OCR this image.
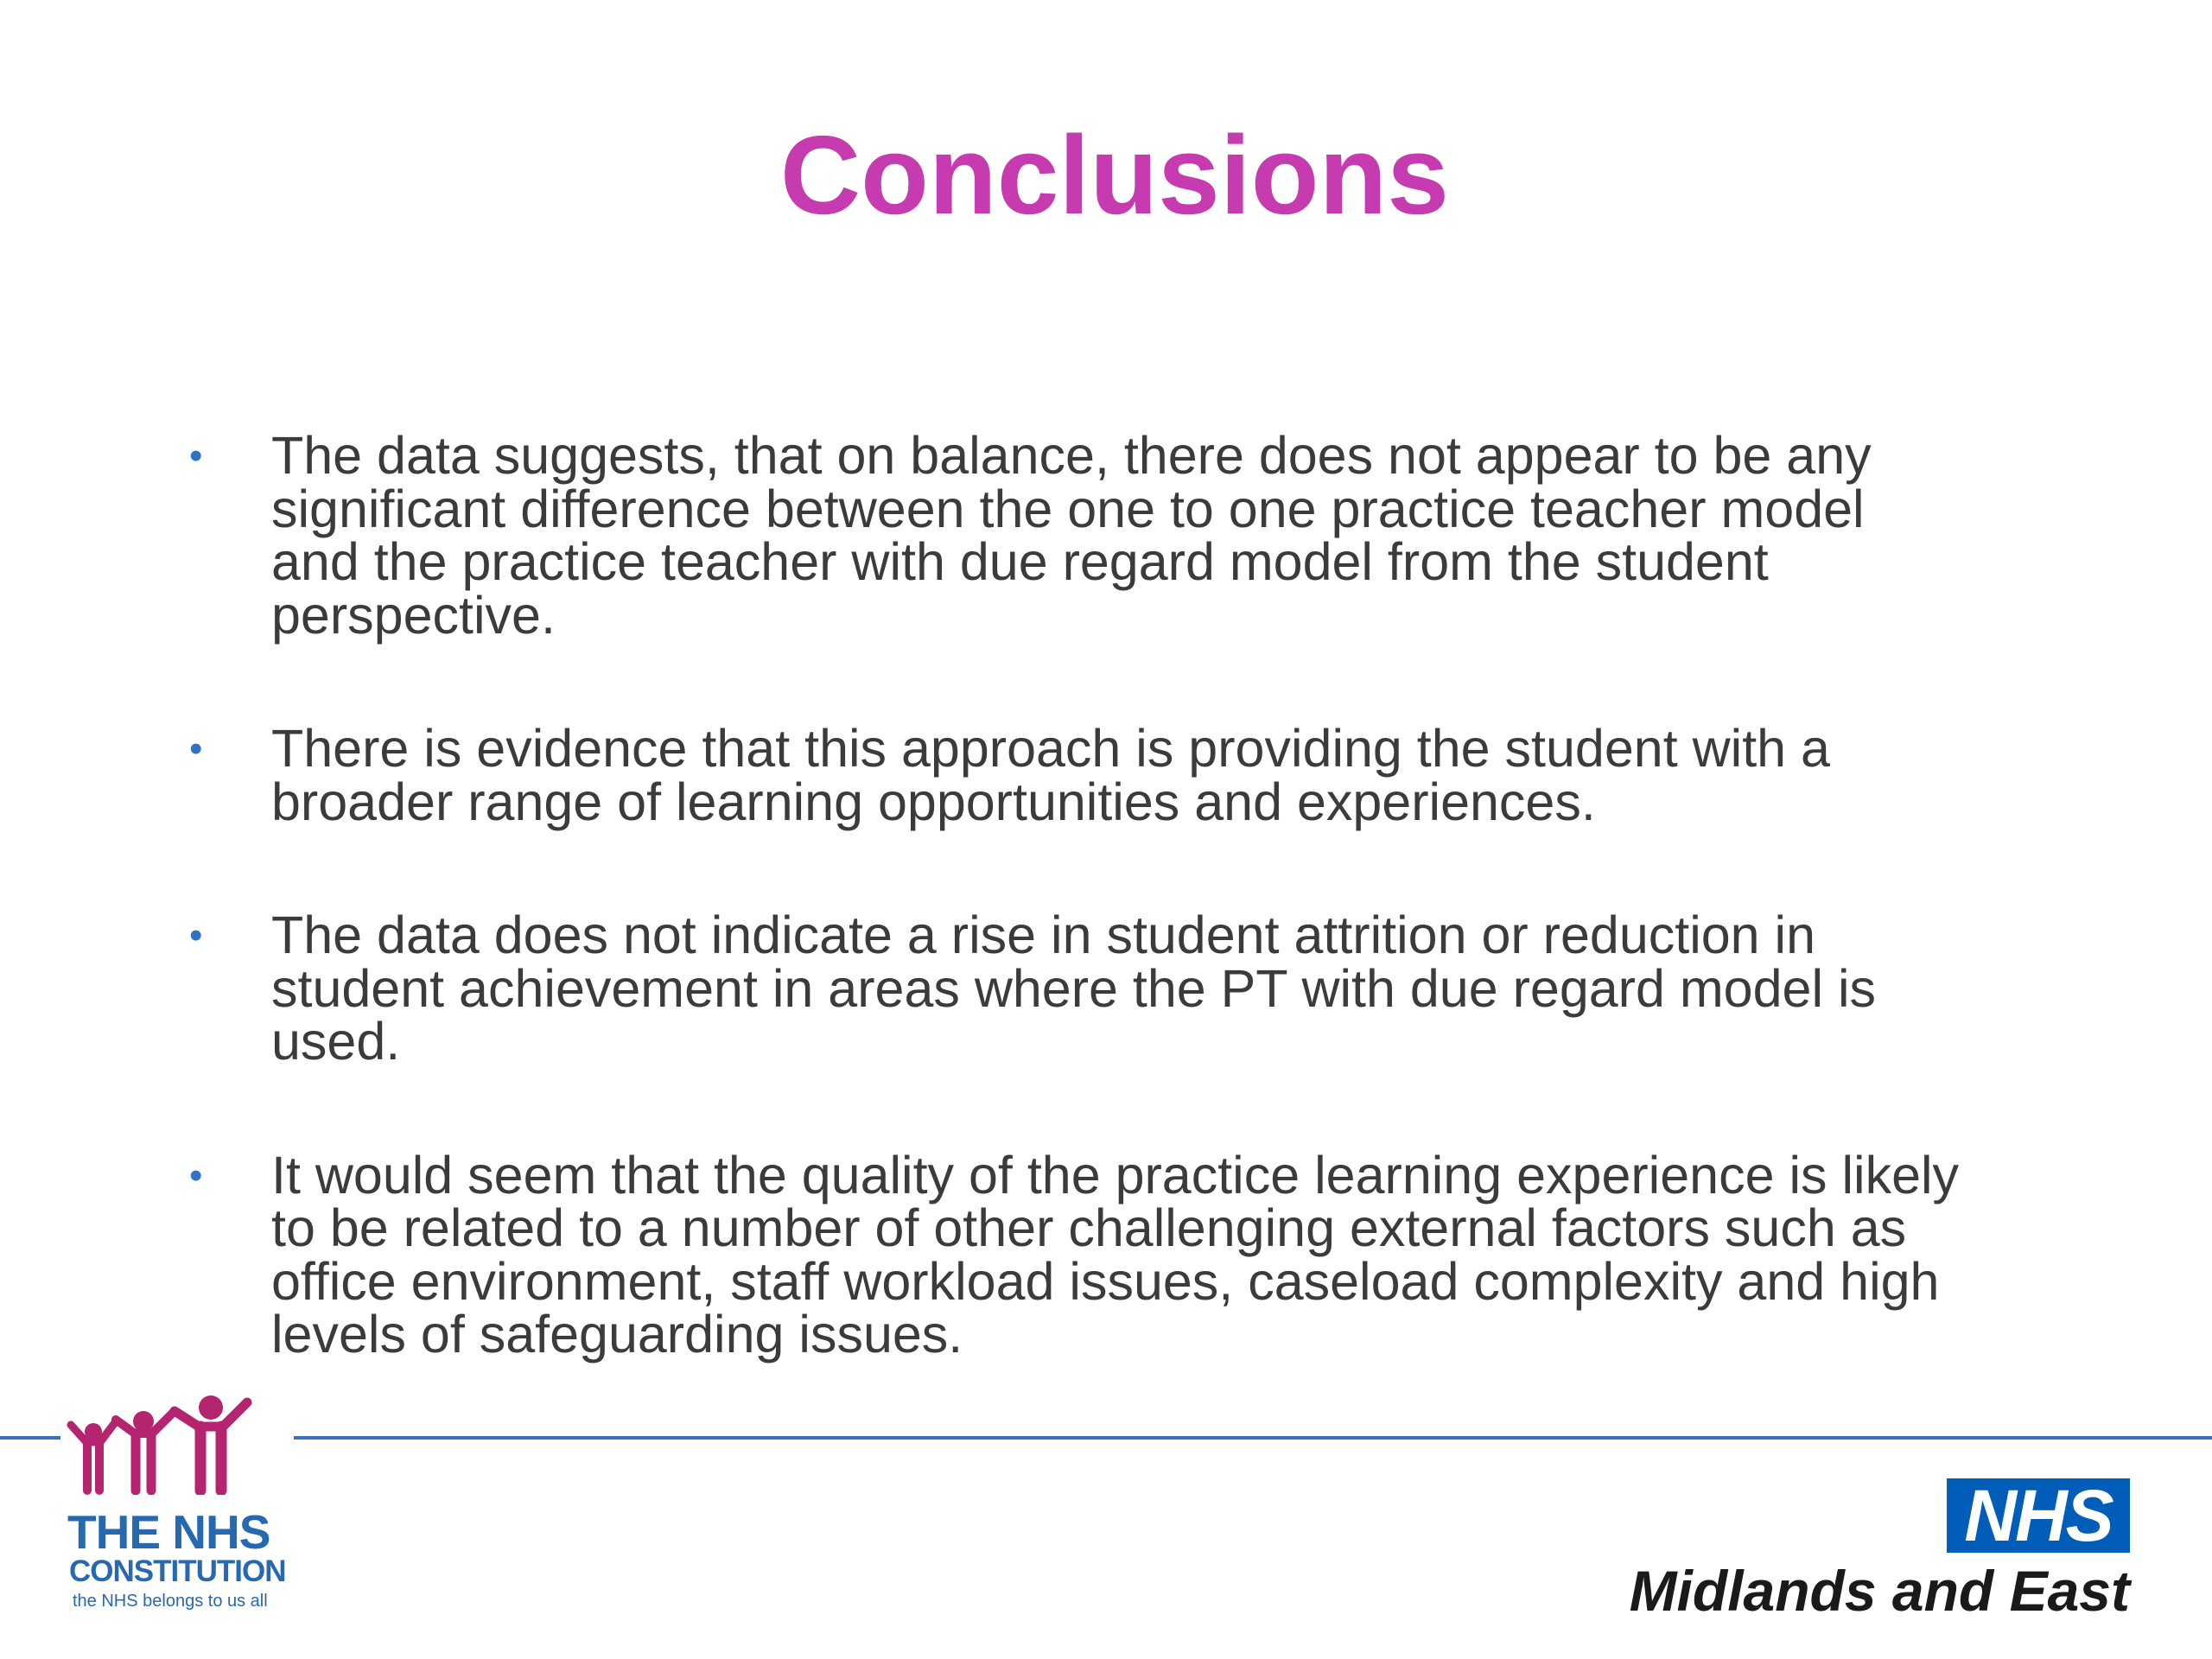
Conclusions
• The data suggests, that on balance, there does not appear to be any
significant difference between the one to one practice teacher model
and the practice teacher with due regard model from the student
perspective.
• There is evidence that this approach is providing the student with a
broader range of learning opportunities and experiences.
• The data does not indicate a rise in student attrition or reduction in
student achievement in areas where the PT with due regard model is
used.
• It would seem that the quality of the practice learning experience is likely
to be related to a number of other challenging external factors such as
office environment, staff workload issues, caseload complexity and high
levels of safeguarding issues.
THE NHS
CONSTITUTION
the NHS belongs to us all
NHS
Midlands and East
